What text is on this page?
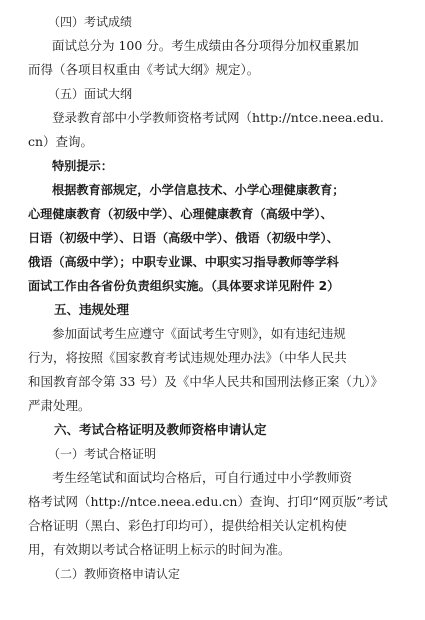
（四）考试成绩
面试总分为 100 分。考生成绩由各分项得分加权重累加
而得（各项目权重由《考试大纲》规定）。
（五）面试大纲
登录教育部中小学教师资格考试网（http://ntce.neea.edu.
cn）查询。
特别提示：
根据教育部规定，小学信息技术、小学心理健康教育；
心理健康教育（初级中学）、心理健康教育（高级中学）、
日语（初级中学）、日语（高级中学）、俄语（初级中学）、
俄语（高级中学）；中职专业课、中职实习指导教师等学科
面试工作由各省份负责组织实施。（具体要求详见附件 2）
五、违规处理
参加面试考生应遵守《面试考生守则》，如有违纪违规
行为，将按照《国家教育考试违规处理办法》（中华人民共
和国教育部令第 33 号）及《中华人民共和国刑法修正案（九）》
严肃处理。
六、考试合格证明及教师资格申请认定
（一）考试合格证明
考生经笔试和面试均合格后，可自行通过中小学教师资
格考试网（http://ntce.neea.edu.cn）查询、打印“网页版”考试
合格证明（黑白、彩色打印均可），提供给相关认定机构使
用，有效期以考试合格证明上标示的时间为准。
（二）教师资格申请认定
